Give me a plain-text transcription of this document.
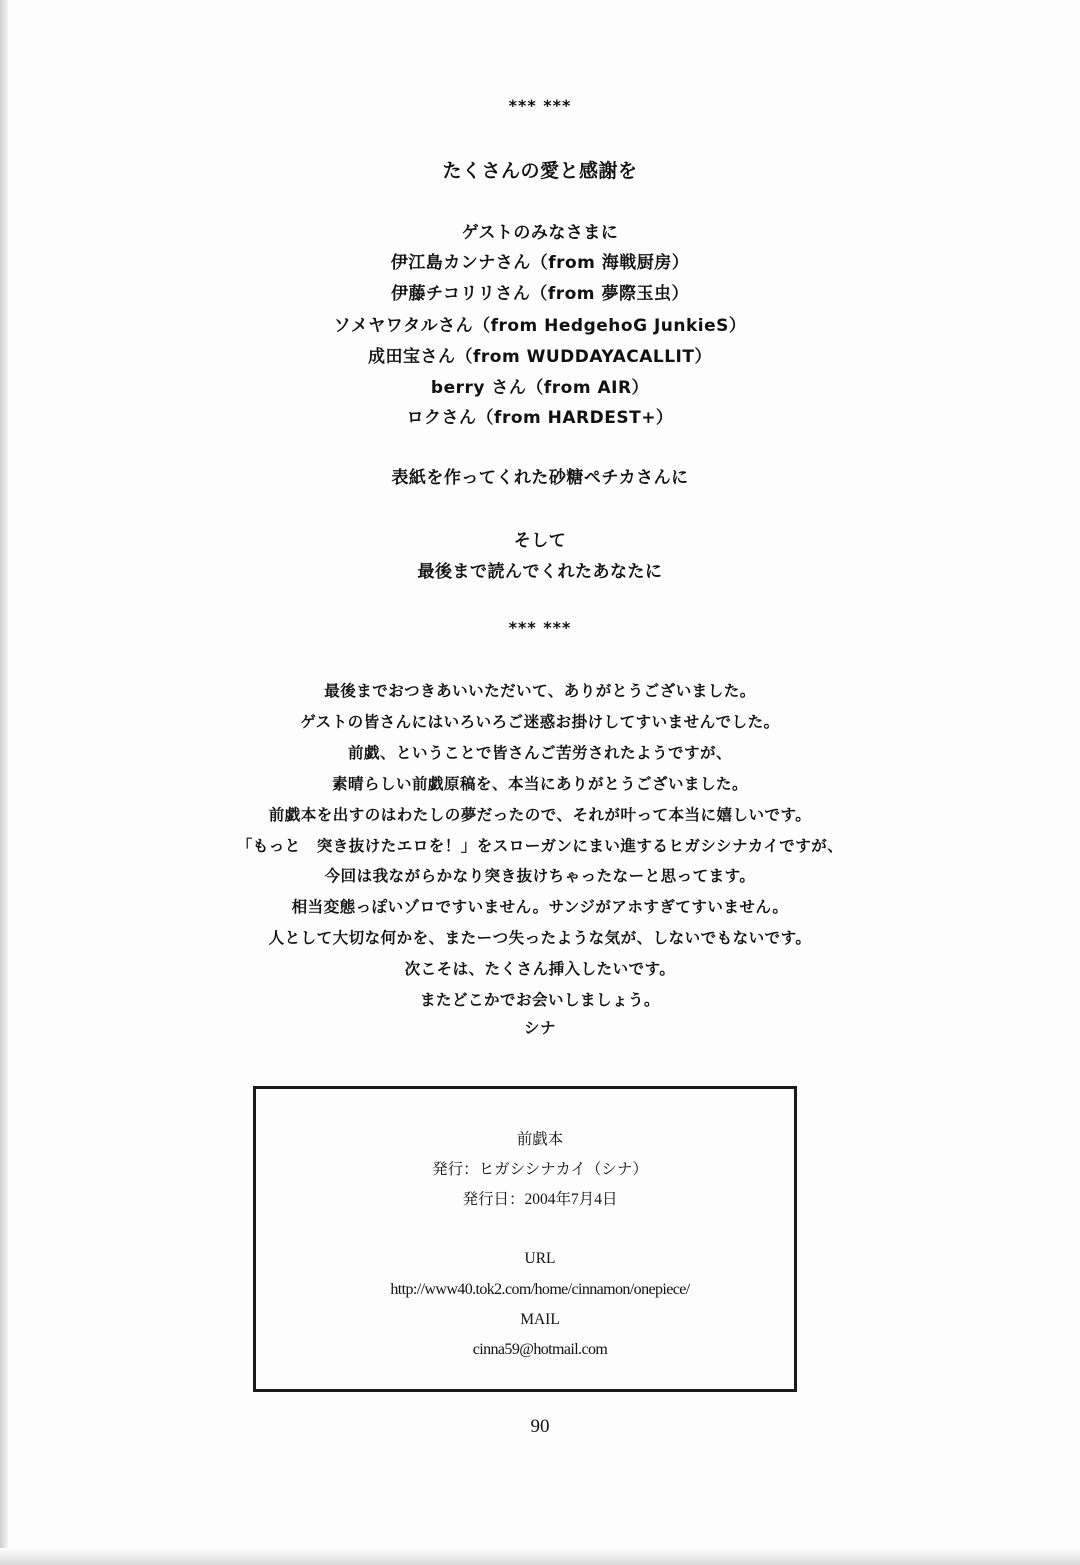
*** ***
たくさんの愛と感謝を
ゲストのみなさまに
伊江島カンナさん（from 海戦厨房）
伊藤チコリリさん（from 夢際玉虫）
ソメヤワタルさん（from HedgehoG JunkieS）
成田宝さん（from WUDDAYACALLIT）
berry さん（from AIR）
ロクさん（from HARDEST+）
表紙を作ってくれた砂糖ペチカさんに
そして
最後まで読んでくれたあなたに
*** ***
最後までおつきあいいただいて、ありがとうございました。
ゲストの皆さんにはいろいろご迷惑お掛けしてすいませんでした。
前戯、ということで皆さんご苦労されたようですが、
素晴らしい前戯原稿を、本当にありがとうございました。
前戯本を出すのはわたしの夢だったので、それが叶って本当に嬉しいです。
「もっと　突き抜けたエロを！」をスローガンにまい進するヒガシシナカイですが、
今回は我ながらかなり突き抜けちゃったなーと思ってます。
相当変態っぽいゾロですいません。サンジがアホすぎてすいません。
人として大切な何かを、またーつ失ったような気が、しないでもないです。
次こそは、たくさん挿入したいです。
またどこかでお会いしましょう。
シナ
前戯本
発行：ヒガシシナカイ（シナ）
発行日：2004年7月4日
URL
http://www40.tok2.com/home/cinnamon/onepiece/
MAIL
cinna59@hotmail.com
90
